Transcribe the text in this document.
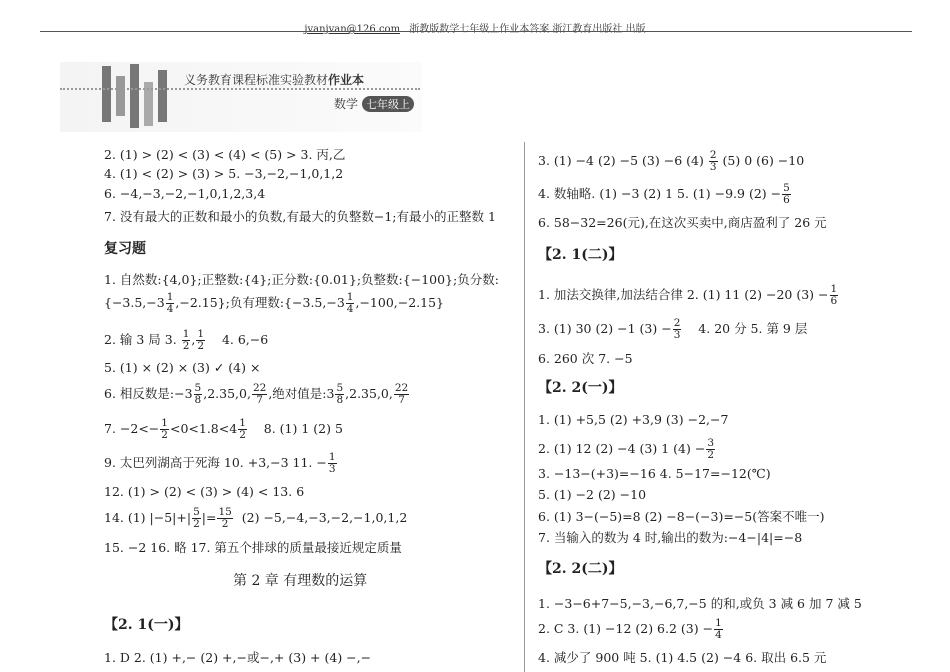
jvanjvan@126.com 浙教版数学七年级上作业本答案 浙江教育出版社 出版
义务教育课程标准实验教材作业本
数学 七年级上
2. (1) > (2) < (3) < (4) < (5) > 3. 丙,乙
4. (1) < (2) > (3) > 5. −3,−2,−1,0,1,2
6. −4,−3,−2,−1,0,1,2,3,4
7. 没有最大的正数和最小的负数,有最大的负整数−1;有最小的正整数 1
复习题
1. 自然数:{4,0};正整数:{4};正分数:{0.01};负整数:{−100};负分数:
$\{-3.5,-3 \frac{1}{4} ,-2.15\}$;负有理数:{−3.5,−3 $\frac{1}{4} ,-100,-2.15$}
2. 输 3 局 3. $\frac{1}{2}$ , $\frac{1}{2} 4$. 6,−6
5. (1) × (2) × (3) ✓ (4) ×
6. 相反数是:−3 $\frac{5}{8} ,2.35,0$, $\frac{22}{7}$ ,绝对值是:3 $\frac{5}{8} ,2.35,0$, $\frac{22}{7}$
7. $-2<- \frac{1}{2} <0<1.8<4 \frac{1}{2} 8$. (1) 1 (2) 5
9. 太巴列湖高于死海 10. +3,−3 11. − $\frac{1}{3}$
12. (1) > (2) < (3) > (4) < 13. 6
14. (1) $|-5|+| \frac{5}{2}$ |= $\frac{15}{2} (2) -5,-4,-3,-2,-1,0,1,2$
15. −2 16. 略 17. 第五个排球的质量最接近规定质量
第 2 章 有理数的运算
【2. 1(一)】
1. D 2. (1) +,− (2) +,−或−,+ (3) + (4) −,−
3. (1) −4 (2) −5 (3) −6 $(4) \frac{2}{3} (5)$ 0 (6) −10
4. 数轴略. (1) −3 (2) 1 5. (1) −9.9 $(2) - \frac{5}{6}$
6. 58−32=26(元),在这次买卖中,商店盈利了 26 元
【2. 1(二)】
1. 加法交换律,加法结合律 2. (1) 11 (2) −20 $(3) - \frac{1}{6}$
3. (1) 30 (2) −1 $(3) - \frac{2}{3} 4$. 20 分 5. 第 9 层
6. 260 次 7. −5
【2. 2(一)】
1. (1) +5,5 (2) +3,9 (3) −2,−7
2. (1) 12 (2) −4 (3) 1 $(4) - \frac{3}{2}$
3. −13−(+3)=−16 4. 5−17=−12(℃)
5. (1) −2 (2) −10
6. (1) 3−(−5)=8 (2) −8−(−3)=−5(答案不唯一)
7. 当输入的数为 4 时,输出的数为:−4−|4|=−8
【2. 2(二)】
1. −3−6+7−5,−3,−6,7,−5 的和,或负 3 减 6 加 7 减 5
2. C 3. (1) −12 (2) 6.2 $(3) - \frac{1}{4}$
4. 减少了 900 吨 5. (1) 4.5 (2) −4 6. 取出 6.5 元
